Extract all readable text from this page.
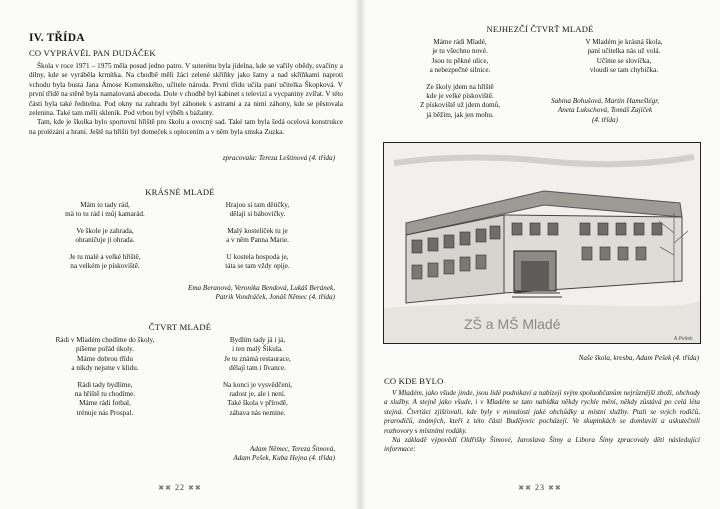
IV. TŘÍDA
CO VYPRÁVĚL PAN DUDÁČEK

Škola v roce 1971 – 1975 měla posud jedno patro. V suterénu byla jídelna, kde se vařily obědy, svačiny a dílny, kde se vyráběla krmítka. Na chodbě měli žáci zelené skříňky jako šatny a nad skříňkami naproti vchodu byla busta Jana Ámose Komenského, učitele národa. První třídu učila paní učitelka Škopková. V první třídě na stěně byla namalovaná abeceda. Dole v chodbě byl kabinet s televizí a vycpaniny zvířat. V této části byla také ředitelna. Pod okny na zahradu byl záhonek s astrami a za nimi záhony, kde se pěstovala zelenina. Také tam měli skleník. Pod vrbou byl výběh s bažanty.

Tam, kde je školka bylo sportovní hřiště pro školu a ovocný sad. Také tam byla šedá ocelová konstrukce na prolézání a hraní. Ještě na hřišti byl domeček s oplocením a v něm byla smska Zuzka.

zpracovala: Tereza Leštinová (4. třída)
KRÁSNÉ MLADÉ
Mám to tady rád,
mä to tu rád i můj kamarád.
Ve škole je zahrada,
ohraničuje ji ohrada.
Je tu malé a velké hřiště,
na velkém je pískoviště.
Hrajou si tam dětičky,
dělají si bábovičky.
Malý kostelíček tu je
a v něm Panna Marie.
U kostela hospoda je,
táta se tam vždy opije.
Ema Beranová, Veronika Bendová, Lukáš Beránek,
Patrik Vondráček, Jonáš Němec (4. třída)
ČTVRT MLADÉ
Rádi v Mladém chodíme do školy,
píšeme pořád úkoly.
Máme dobrou třídu
a nikdy nejsme v klidu.
Rádi tady bydlíme,
na hřiště tu chodíme.
Máme rádi fotbal,
trénuje nás Prospal.
Bydlím tady já i já,
i ten malý Šikula.
Je tu známá restaurace,
dělají tam i līvance.
Na konci je vysvědčení,
radost je, ale i není.
Také škola v přírodě,
zábava nás nemine.
Adam Němec, Tereza Šimová,
Adam Pešek, Kuba Hejna (4. třída)
✖✖ 22 ✖✖
NEJHEZČÍ ČTVRŤ MLADÉ
Máme rádi Mladé,
je tu všechno nové.
Jsou tu pěkné ulice,
a nebezpečné silnice.
Ze školy jdem na hřiště
kde je velké pískoviště.
Z pískoviště už jdem domů,
já běžím, jak jen mohu.
V Mladém je krásná škola,
paní učitelka nás už volá.
Učíme se slovíčka,
vloudí se tam chybička.
Sabina Bohušová, Martin Hamešlégr,
Aneta Lukschová, Tomáš Zajíček
(4. třída)
ZŠ a MŠ Mladé
A.Pešek
Naše škola, kresba, Adam Pešek (4. třída)
CO KDE BYLO

V Mladém, jako všude jinde, jsou lidé podnikaví a nabízejí svým spoluobčanům nejrůznější zboží, obchody a služby. A stejně jako všude, i v Mladém se tato nabídka někdy rychle mění, někdy zůstává po celá léta stejná. Čtvrťáci zjišťovali, kde byly v minulosti jaké obchůdky a místní služby. Ptali se svých rodičů, prarodičů, známých, kteří z této části Budějovic pocházejí. Ve skupinkách se domluvili a uskutečnili rozhovory s místními rodáky.

Na základě výpovědí Oldřišky Šimové, Jaroslava Šímy a Libora Šímy zpracovaly děti následující informace:

✖✖ 23 ✖✖
